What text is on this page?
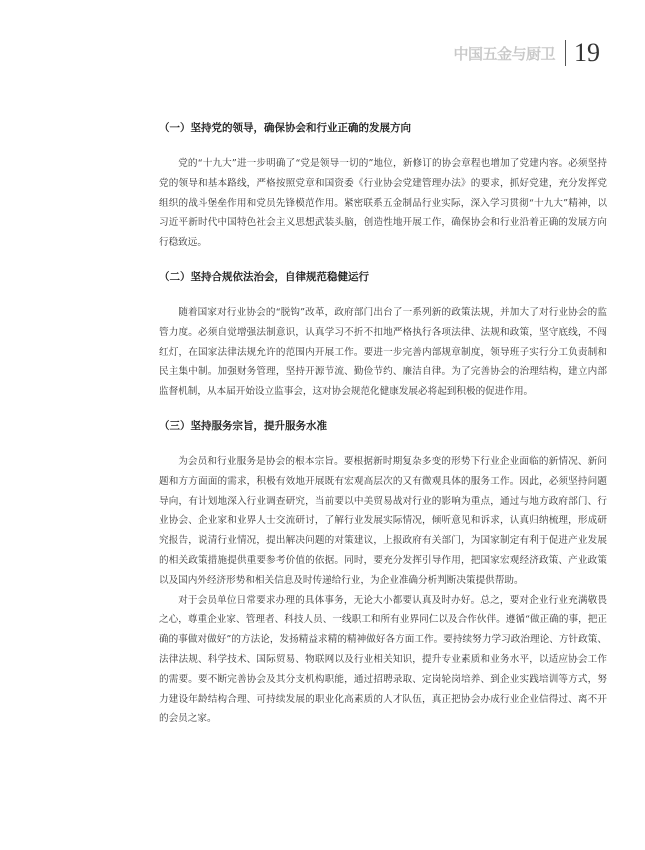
中国五金与厨卫 19
（一）坚持党的领导，确保协会和行业正确的发展方向

党的“十九大”进一步明确了“党是领导一切的”地位，新修订的协会章程也增加了党建内容。必须坚持党的领导和基本路线，严格按照党章和国资委《行业协会党建管理办法》的要求，抓好党建，充分发挥党组织的战斗堡垒作用和党员先锋模范作用。紧密联系五金制品行业实际，深入学习贯彻“十九大”精神，以习近平新时代中国特色社会主义思想武装头脑，创造性地开展工作，确保协会和行业沿着正确的发展方向行稳致远。

（二）坚持合规依法治会，自律规范稳健运行

随着国家对行业协会的“脱钩”改革，政府部门出台了一系列新的政策法规，并加大了对行业协会的监管力度。必须自觉增强法制意识，认真学习不折不扣地严格执行各项法律、法规和政策，坚守底线，不闯红灯，在国家法律法规允许的范围内开展工作。要进一步完善内部规章制度，领导班子实行分工负责制和民主集中制。加强财务管理，坚持开源节流、勤俭节约、廉洁自律。为了完善协会的治理结构，建立内部监督机制，从本届开始设立监事会，这对协会规范化健康发展必将起到积极的促进作用。

（三）坚持服务宗旨，提升服务水准

为会员和行业服务是协会的根本宗旨。要根据新时期复杂多变的形势下行业企业面临的新情况、新问题和方方面面的需求，积极有效地开展既有宏观高层次的又有微观具体的服务工作。因此，必须坚持问题导向，有计划地深入行业调查研究，当前要以中美贸易战对行业的影响为重点，通过与地方政府部门、行业协会、企业家和业界人士交流研讨，了解行业发展实际情况，倾听意见和诉求，认真归纳梳理，形成研究报告，说清行业情况，提出解决问题的对策建议，上报政府有关部门，为国家制定有利于促进产业发展的相关政策措施提供重要参考价值的依据。同时，要充分发挥引导作用，把国家宏观经济政策、产业政策以及国内外经济形势和相关信息及时传递给行业，为企业准确分析判断决策提供帮助。

对于会员单位日常要求办理的具体事务，无论大小都要认真及时办好。总之，要对企业行业充满敬畏之心，尊重企业家、管理者、科技人员、一线职工和所有业界同仁以及合作伙伴。遵循“做正确的事，把正确的事做对做好”的方法论，发扬精益求精的精神做好各方面工作。要持续努力学习政治理论、方针政策、法律法规、科学技术、国际贸易、物联网以及行业相关知识，提升专业素质和业务水平，以适应协会工作的需要。要不断完善协会及其分支机构职能，通过招聘录取、定岗轮岗培养、到企业实践培训等方式，努力建设年龄结构合理、可持续发展的职业化高素质的人才队伍，真正把协会办成行业企业信得过、离不开的会员之家。
